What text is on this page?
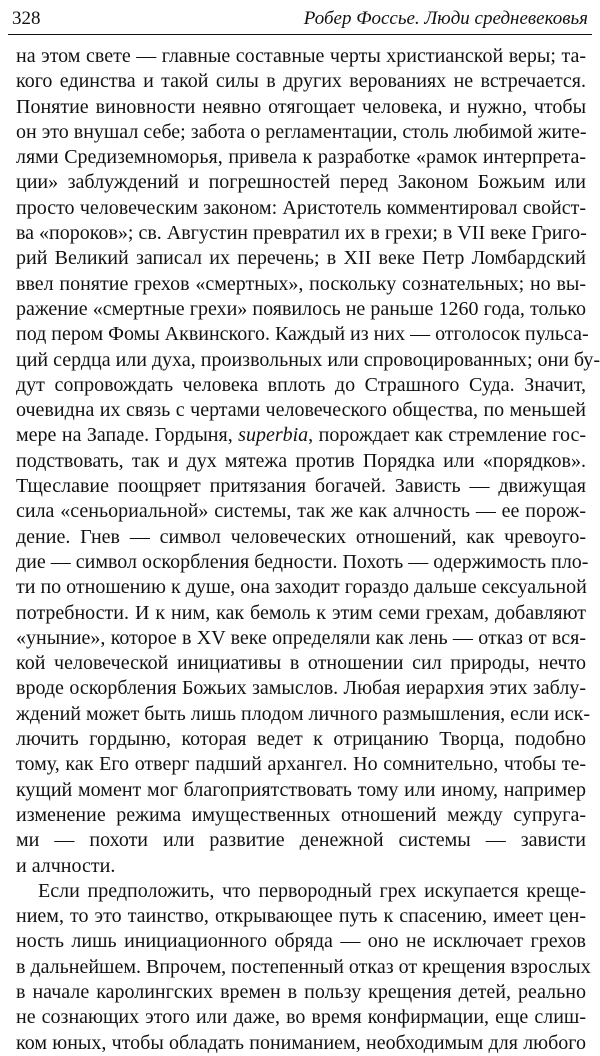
328	Робер Фоссье. Люди средневековья
на этом свете — главные составные черты христианской веры; та-
кого единства и такой силы в других верованиях не встречается.
Понятие виновности неявно отягощает человека, и нужно, чтобы
он это внушал себе; забота о регламентации, столь любимой жите-
лями Средиземноморья, привела к разработке «рамок интерпрета-
ции» заблуждений и погрешностей перед Законом Божьим или
просто человеческим законом: Аристотель комментировал свойст-
ва «пороков»; св. Августин превратил их в грехи; в VII веке Григо-
рий Великий записал их перечень; в XII веке Петр Ломбардский
ввел понятие грехов «смертных», поскольку сознательных; но вы-
ражение «смертные грехи» появилось не раньше 1260 года, только
под пером Фомы Аквинского. Каждый из них — отголосок пульса-
ций сердца или духа, произвольных или спровоцированных; они бу-
дут сопровождать человека вплоть до Страшного Суда. Значит,
очевидна их связь с чертами человеческого общества, по меньшей
мере на Западе. Гордыня, superbia, порождает как стремление гос-
подствовать, так и дух мятежа против Порядка или «порядков».
Тщеславие поощряет притязания богачей. Зависть — движущая
сила «сеньориальной» системы, так же как алчность — ее порож-
дение. Гнев — символ человеческих отношений, как чревоуго-
дие — символ оскорбления бедности. Похоть — одержимость пло-
ти по отношению к душе, она заходит гораздо дальше сексуальной
потребности. И к ним, как бемоль к этим семи грехам, добавляют
«уныние», которое в XV веке определяли как лень — отказ от вся-
кой человеческой инициативы в отношении сил природы, нечто
вроде оскорбления Божьих замыслов. Любая иерархия этих заблу-
ждений может быть лишь плодом личного размышления, если иск-
лючить гордыню, которая ведет к отрицанию Творца, подобно
тому, как Его отверг падший архангел. Но сомнительно, чтобы те-
кущий момент мог благоприятствовать тому или иному, например
изменение режима имущественных отношений между супруга-
ми — похоти или развитие денежной системы — зависти
и алчности.
Если предположить, что первородный грех искупается креще-
нием, то это таинство, открывающее путь к спасению, имеет цен-
ность лишь инициационного обряда — оно не исключает грехов
в дальнейшем. Впрочем, постепенный отказ от крещения взрослых
в начале каролингских времен в пользу крещения детей, реально
не сознающих этого или даже, во время конфирмации, еще слиш-
ком юных, чтобы обладать пониманием, необходимым для любого
